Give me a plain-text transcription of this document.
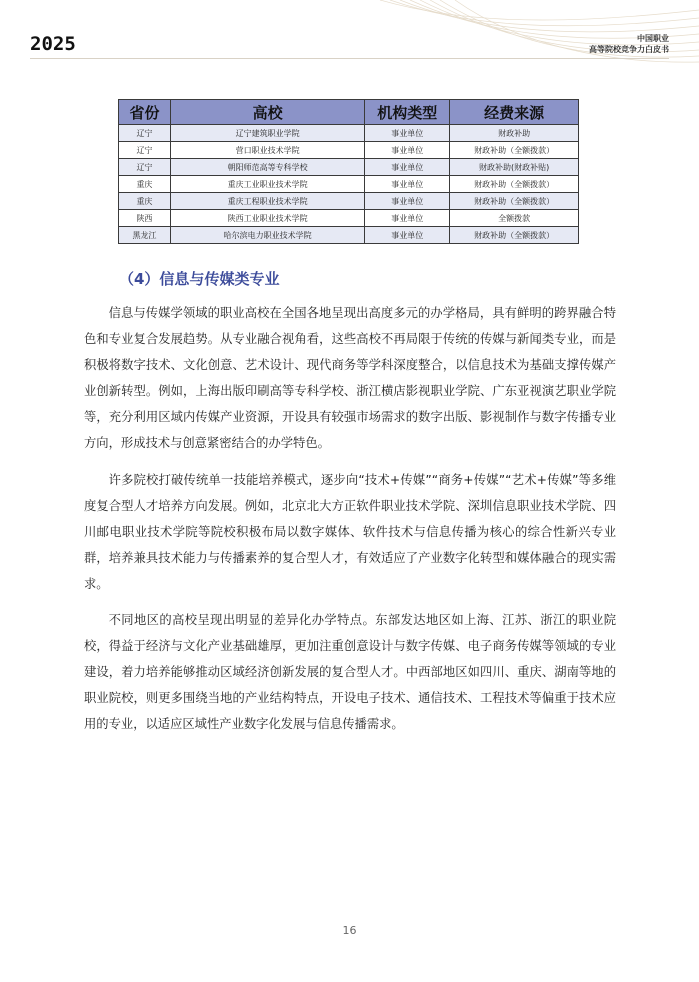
2025	中国职业
高等院校竞争力白皮书
省份	高校	机构类型	经费来源
辽宁	辽宁建筑职业学院	事业单位	财政补助
辽宁	营口职业技术学院	事业单位	财政补助（全额拨款）
辽宁	朝阳师范高等专科学校	事业单位	财政补助(财政补贴)
重庆	重庆工业职业技术学院	事业单位	财政补助（全额拨款）
重庆	重庆工程职业技术学院	事业单位	财政补助（全额拨款）
陕西	陕西工业职业技术学院	事业单位	全额拨款
黑龙江	哈尔滨电力职业技术学院	事业单位	财政补助（全额拨款）
（4）信息与传媒类专业

信息与传媒学领域的职业高校在全国各地呈现出高度多元的办学格局，具有鲜明的跨界融合特色和专业复合发展趋势。从专业融合视角看，这些高校不再局限于传统的传媒与新闻类专业，而是积极将数字技术、文化创意、艺术设计、现代商务等学科深度整合，以信息技术为基础支撑传媒产业创新转型。例如，上海出版印刷高等专科学校、浙江横店影视职业学院、广东亚视演艺职业学院等，充分利用区域内传媒产业资源，开设具有较强市场需求的数字出版、影视制作与数字传播专业方向，形成技术与创意紧密结合的办学特色。

许多院校打破传统单一技能培养模式，逐步向“技术+传媒”“商务+传媒”“艺术+传媒”等多维度复合型人才培养方向发展。例如，北京北大方正软件职业技术学院、深圳信息职业技术学院、四川邮电职业技术学院等院校积极布局以数字媒体、软件技术与信息传播为核心的综合性新兴专业群，培养兼具技术能力与传播素养的复合型人才，有效适应了产业数字化转型和媒体融合的现实需求。

不同地区的高校呈现出明显的差异化办学特点。东部发达地区如上海、江苏、浙江的职业院校，得益于经济与文化产业基础雄厚，更加注重创意设计与数字传媒、电子商务传媒等领域的专业建设，着力培养能够推动区域经济创新发展的复合型人才。中西部地区如四川、重庆、湖南等地的职业院校，则更多围绕当地的产业结构特点，开设电子技术、通信技术、工程技术等偏重于技术应用的专业，以适应区域性产业数字化发展与信息传播需求。

16
